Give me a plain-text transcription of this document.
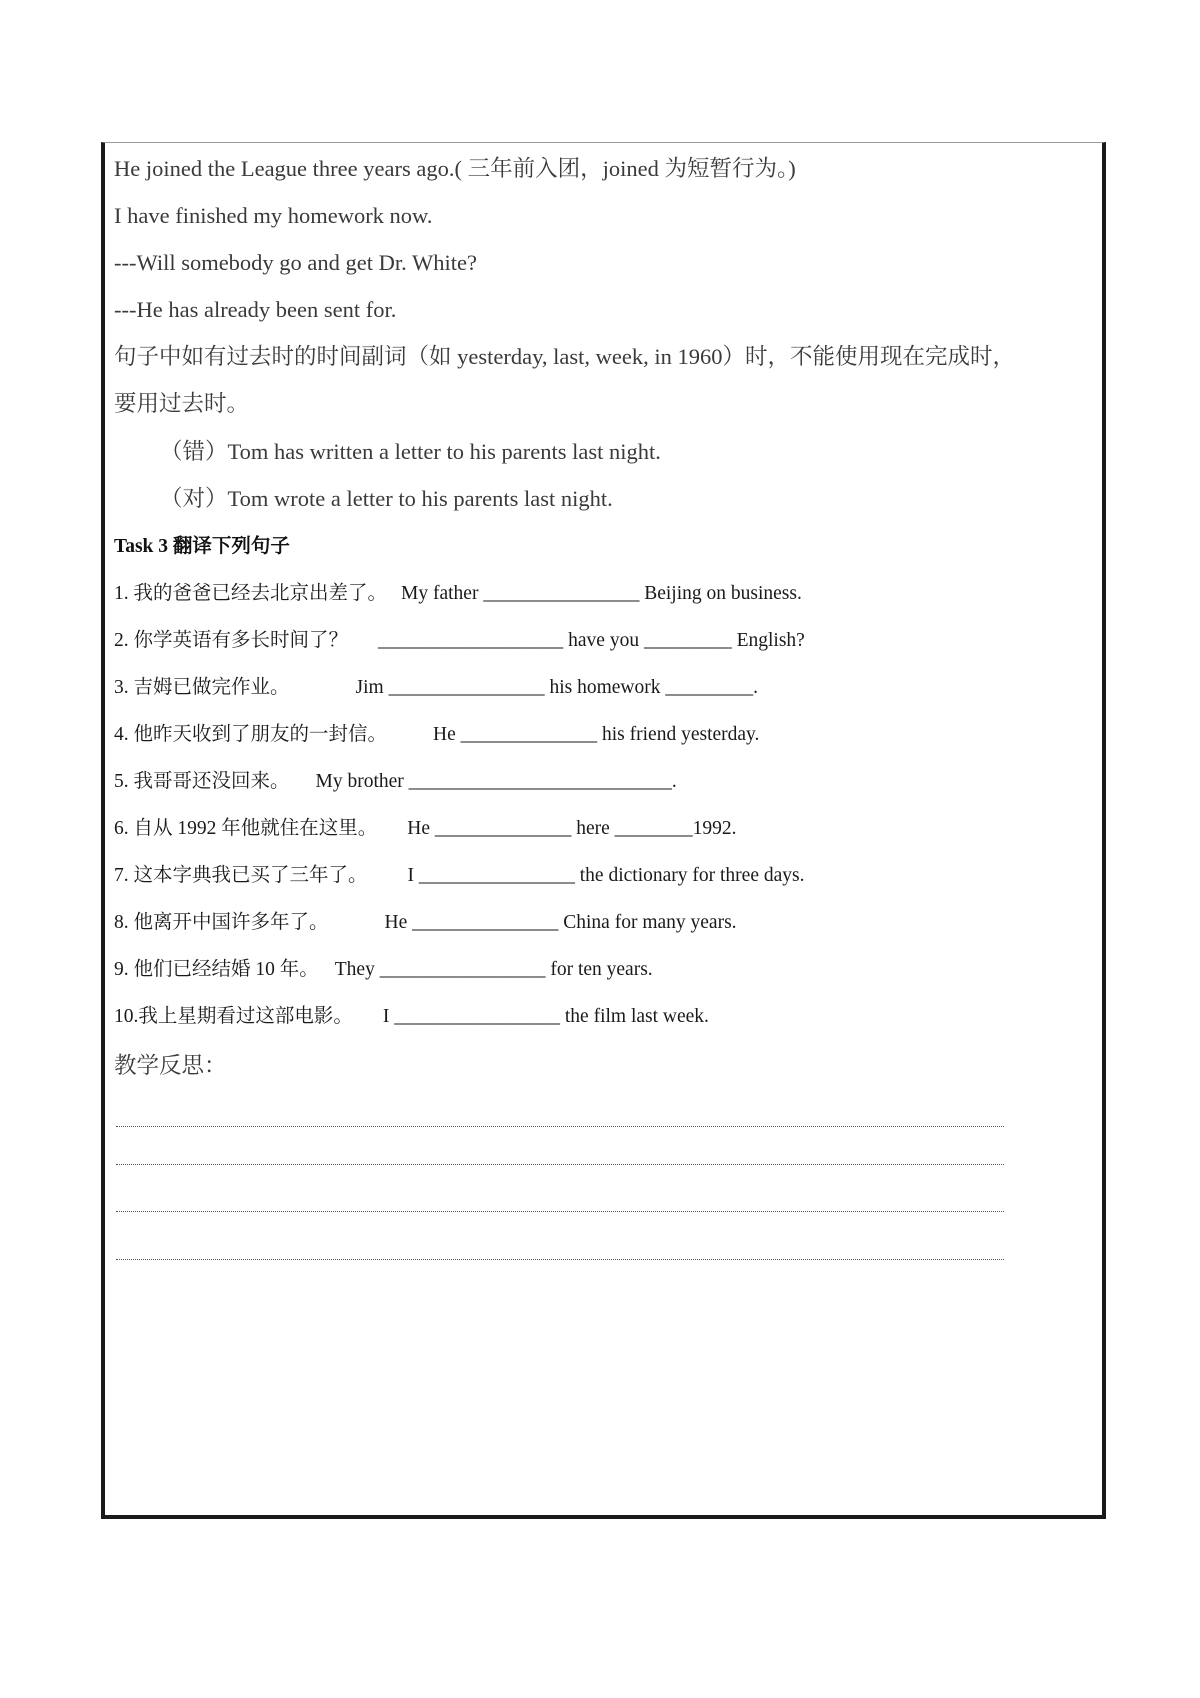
He joined the League three years ago.( 三年前入团，joined 为短暂行为。)
I have finished my homework now.
---Will somebody go and get Dr. White?
---He has already been sent for.
句子中如有过去时的时间副词（如 yesterday, last, week, in 1960）时，不能使用现在完成时，
要用过去时。
（错）Tom has written a letter to his parents last night.
（对）Tom wrote a letter to his parents last night.
Task 3 翻译下列句子
1. 我的爸爸已经去北京出差了。 My father ________________ Beijing on business.
2. 你学英语有多长时间了？ ___________________ have you _________ English?
3. 吉姆已做完作业。	Jim ________________ his homework _________.
4. 他昨天收到了朋友的一封信。 He ______________ his friend yesterday.
5. 我哥哥还没回来。 My brother ___________________________.
6. 自从 1992 年他就住在这里。 He ______________ here ________1992.
7. 这本字典我已买了三年了。 I ________________ the dictionary for three days.
8. 他离开中国许多年了。	He _______________ China for many years.
9. 他们已经结婚 10 年。 They _________________ for ten years.
10.我上星期看过这部电影。 I _________________ the film last week.
教学反思：
